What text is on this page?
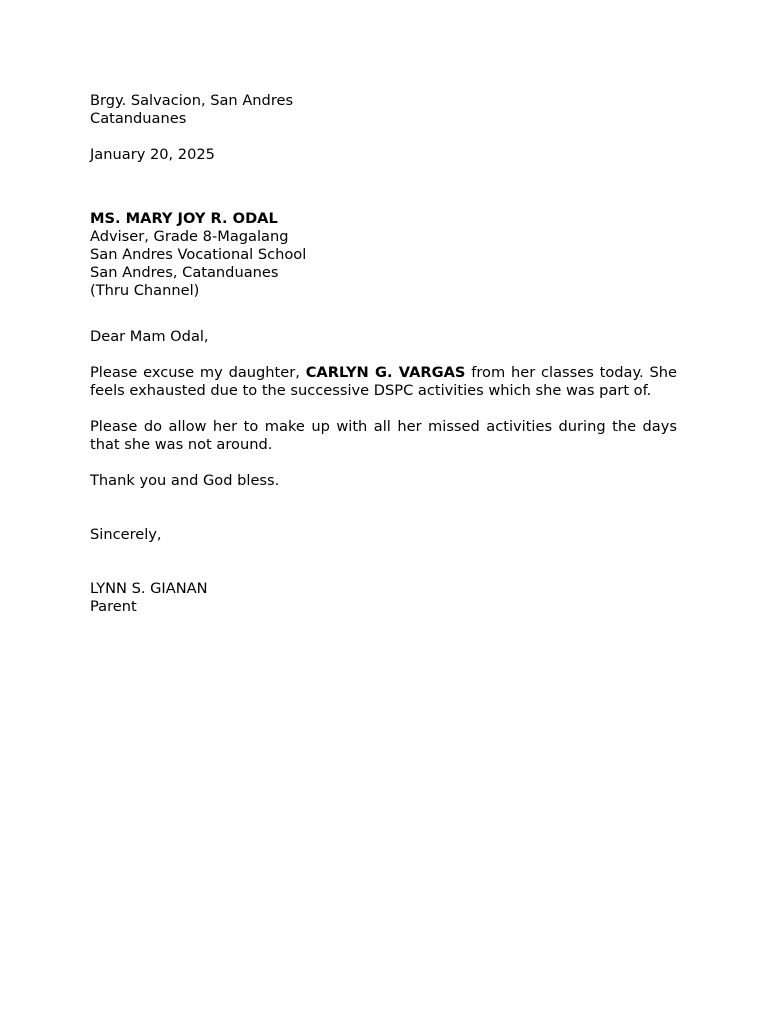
Brgy. Salvacion, San Andres
Catanduanes
January 20, 2025
MS. MARY JOY R. ODAL
Adviser, Grade 8-Magalang
San Andres Vocational School
San Andres, Catanduanes
(Thru Channel)
Dear Mam Odal,

Please excuse my daughter, CARLYN G. VARGAS from her classes today. She feels exhausted due to the successive DSPC activities which she was part of.

Please do allow her to make up with all her missed activities during the days that she was not around.

Thank you and God bless.
Sincerely,
LYNN S. GIANAN
Parent
